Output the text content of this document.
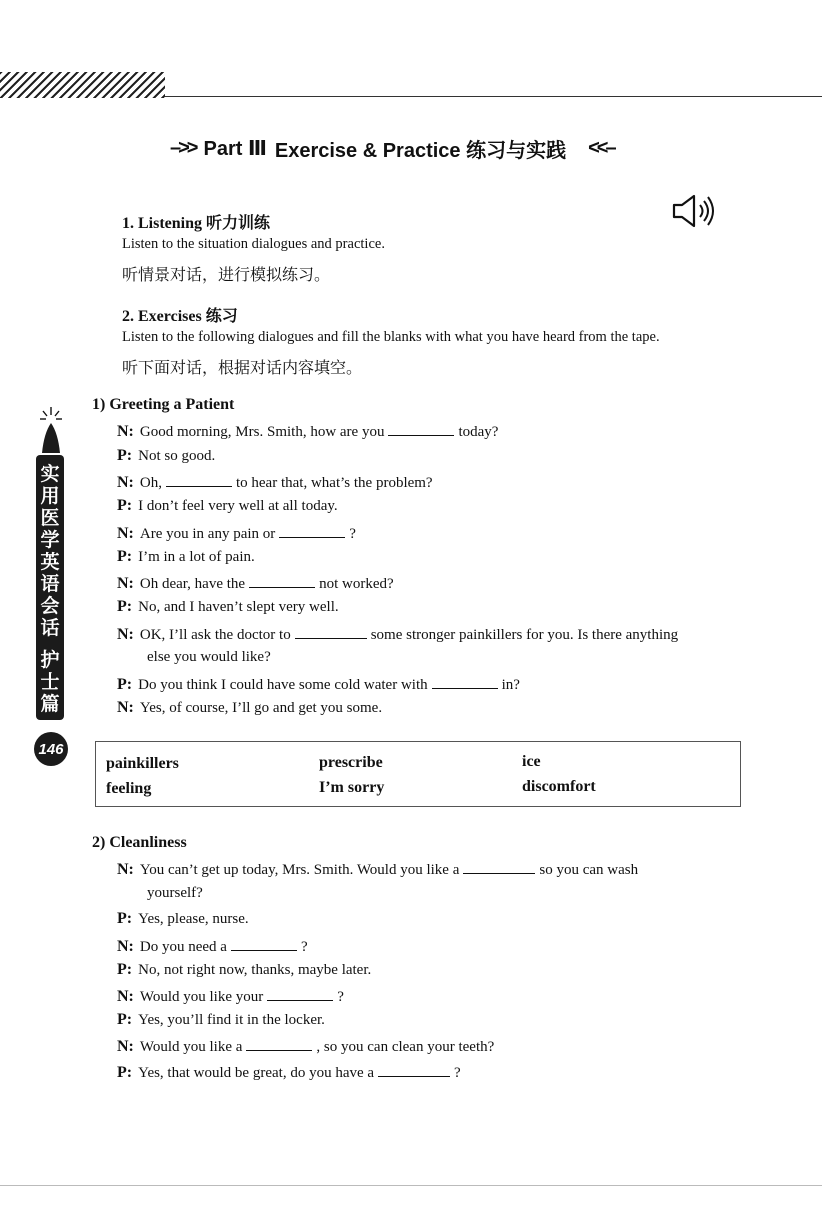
–>> Part Ⅲ Exercise & Practice 练习与实践 <<–
1. Listening 听力训练
Listen to the situation dialogues and practice.
听情景对话，进行模拟练习。
2. Exercises 练习
Listen to the following dialogues and fill the blanks with what you have heard from the tape.
听下面对话，根据对话内容填空。
1) Greeting a Patient
N: Good morning, Mrs. Smith, how are you	today?
P: Not so good.
N: Oh,	to hear that, what’s the problem?
P: I don’t feel very well at all today.
N: Are you in any pain or	?
P: I’m in a lot of pain.
N: Oh dear, have the	not worked?
P: No, and I haven’t slept very well.
N: OK, I’ll ask the doctor to	some stronger painkillers for you. Is there anything
else you would like?
P: Do you think I could have some cold water with	in?
N: Yes, of course, I’ll go and get you some.
painkillers	prescribe	ice
feeling	I’m sorry	discomfort
2) Cleanliness
N: You can’t get up today, Mrs. Smith. Would you like a	so you can wash
yourself?
P: Yes, please, nurse.
N: Do you need a	?
P: No, not right now, thanks, maybe later.
N: Would you like your	?
P: Yes, you’ll find it in the locker.
N: Would you like a	, so you can clean your teeth?
P: Yes, that would be great, do you have a	?
实
用
医
学
英
语
会
话
护
士
篇
146
